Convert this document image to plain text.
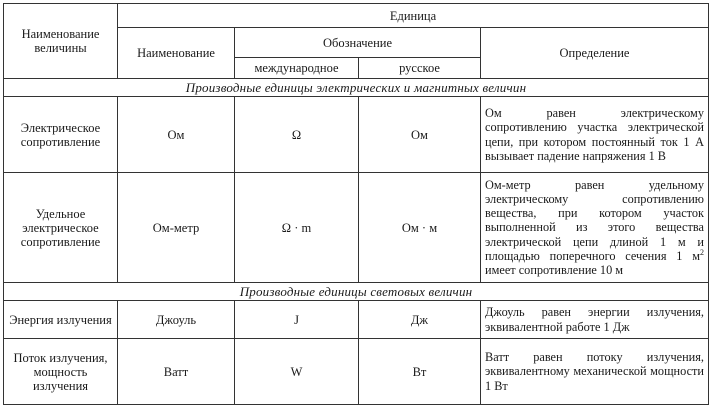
Наименование величины	Единица			
	Наименование	Обозначение		Определение
		международное	русское	
Производные единицы электрических и магнитных величин				
Электрическое сопротивление	Ом	Ω	Ом	Ом равен электрическому сопротивлению участка электрической цепи, при котором постоянный ток 1 А вызывает падение напряжения 1 В
Удельное электрическое сопротивление	Ом-метр	Ω · m	Ом · м	Ом-метр равен удельному электрическому сопротивлению вещества, при котором участок выполненной из этого вещества электрической цепи длиной 1 м и площадью поперечного сечения 1 $м^2$ имеет сопротивление 10 м
Производные единицы световых величин				
Энергия излучения	Джоуль	J	Дж	Джоуль равен энергии излучения, эквивалентной работе 1 Дж
Поток излучения, мощность излучения	Ватт	W	Вт	Ватт равен потоку излучения, эквивалентному механической мощности 1 Вт
